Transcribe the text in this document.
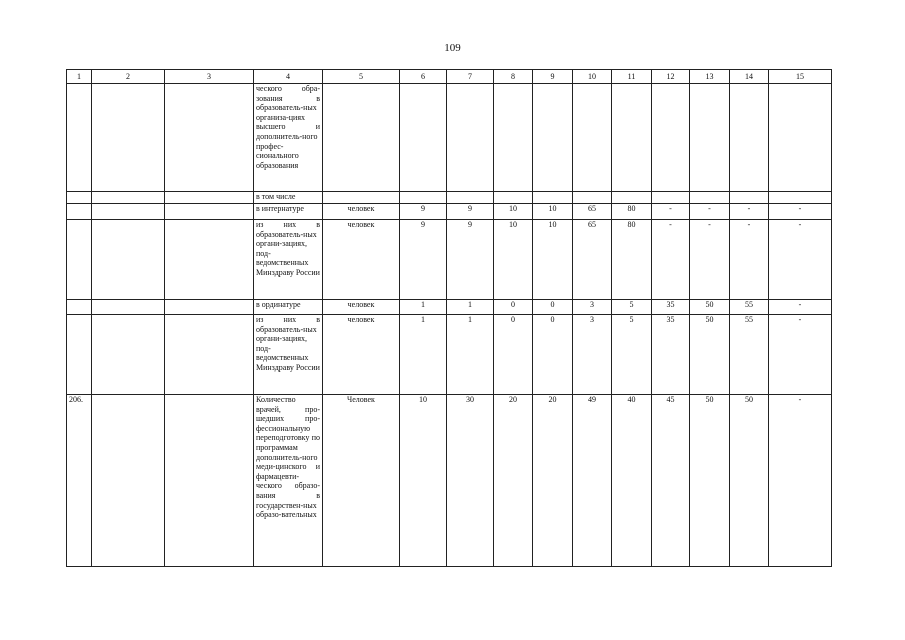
109
1	2	3	4	5	6	7	8	9	10	11	12	13	14	15
			ческого обра-зования в образователь-ных организа-циях высшего и дополнитель-ного профес-сионального образования											
			в том числе											
			в интернатуре	человек	9	9	10	10	65	80	-	-	-	-
			из них в образователь-ных органи-зациях, под-ведомственных Минздраву России	человек	9	9	10	10	65	80	-	-	-	-
			в ординатуре	человек	1	1	0	0	3	5	35	50	55	-
			из них в образователь-ных органи-зациях, под-ведомственных Минздраву России	человек	1	1	0	0	3	5	35	50	55	-
206.			Количество врачей, про-шедших про-фессиональную переподготовку по программам дополнитель-ного меди-цинского и фармацевти-ческого образо-вания в государствен-ных образо-вательных	Человек	10	30	20	20	49	40	45	50	50	-
